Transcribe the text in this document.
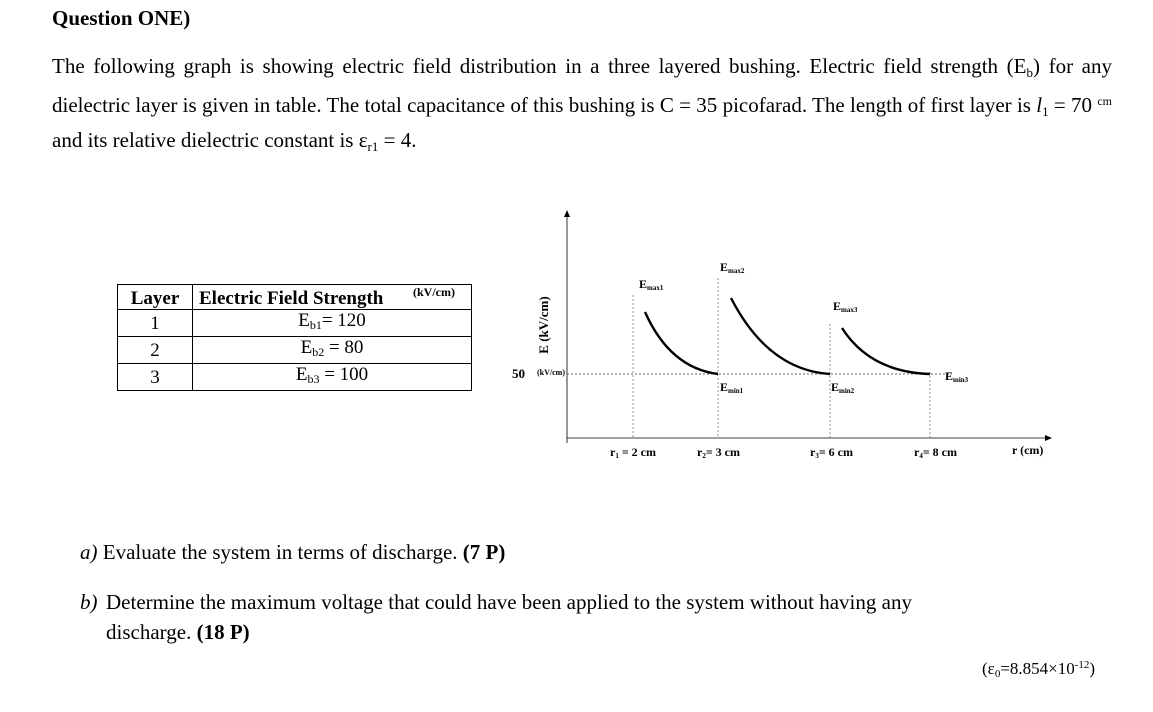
Question ONE)
The following graph is showing electric field distribution in a three layered bushing. Electric field strength $(E_b)$ for any dielectric layer is given in table. The total capacitance of this bushing is C = 35 picofarad. The length of first layer is $l_1 = 70$ $^{cm}$ and its relative dielectric constant is $\varepsilon_{r1} = 4$.
Layer	Electric Field Strength (kV/cm)

1	$E_{b1}= 120$
2	$E_{b2} = 80$
3	$E_{b3} = 100$
E (kV/cm)
50 (kV/cm)
Emax1
Emax2
Emax3
Emin1	Emin2
Emin3
r1 = 2 cm	r2= 3 cm	r3= 6 cm	r4= 8 cm	r (cm)
a) Evaluate the system in terms of discharge. (7 P)
b) Determine the maximum voltage that could have been applied to the system without having any
discharge. (18 P)
$(\varepsilon_0=8.854\times 10^{-12})$
